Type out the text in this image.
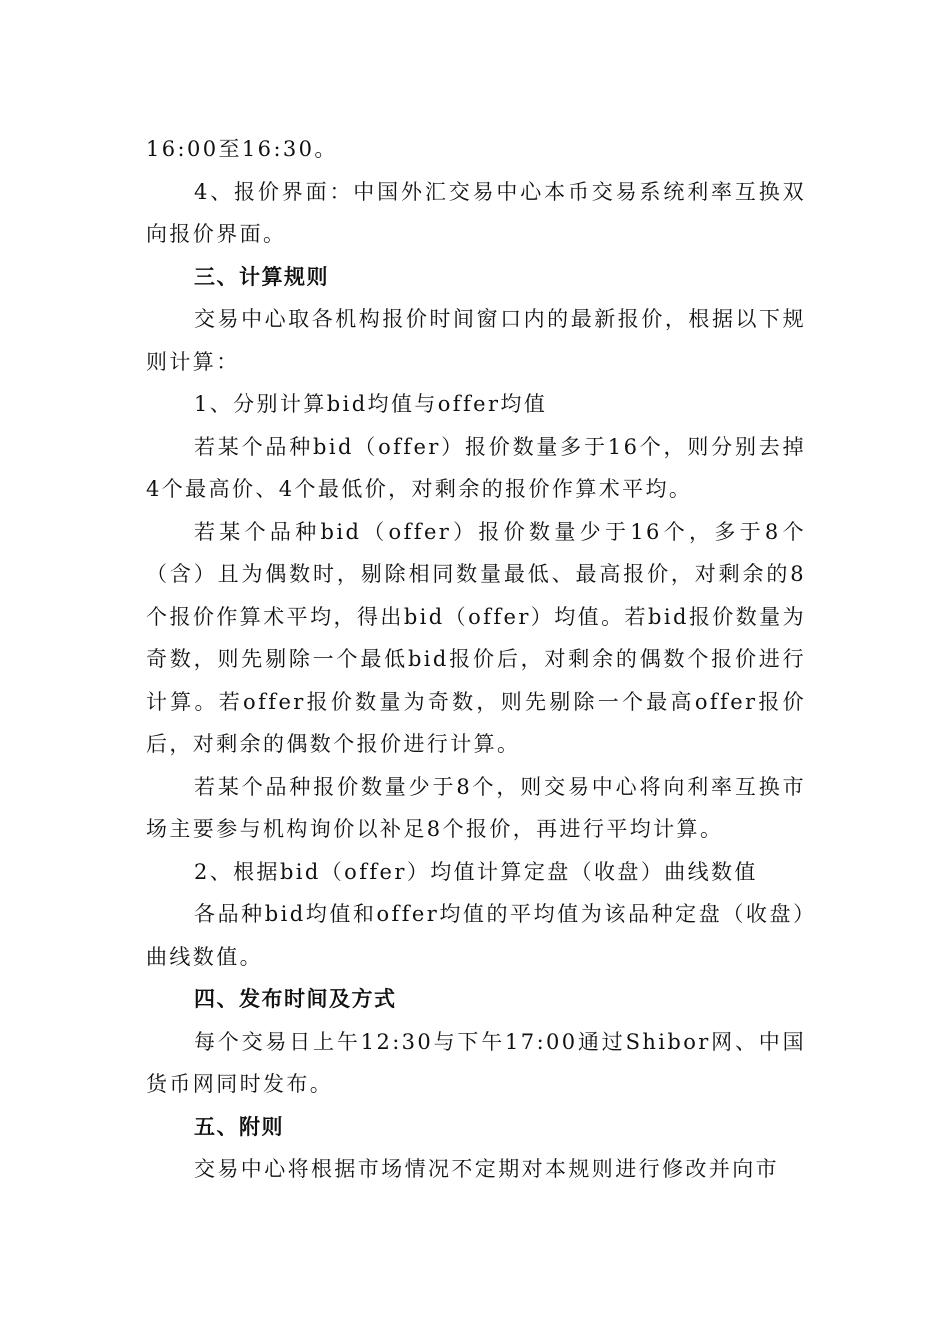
16:00至16:30。

4、报价界面：中国外汇交易中心本币交易系统利率互换双向报价界面。

三、计算规则

交易中心取各机构报价时间窗口内的最新报价，根据以下规则计算：

1、分别计算bid均值与offer均值

若某个品种bid（offer）报价数量多于16个，则分别去掉4个最高价、4个最低价，对剩余的报价作算术平均。

若某个品种bid（offer）报价数量少于16个，多于8个（含）且为偶数时，剔除相同数量最低、最高报价，对剩余的8个报价作算术平均，得出bid（offer）均值。若bid报价数量为奇数，则先剔除一个最低bid报价后，对剩余的偶数个报价进行计算。若offer报价数量为奇数，则先剔除一个最高offer报价后，对剩余的偶数个报价进行计算。

若某个品种报价数量少于8个，则交易中心将向利率互换市场主要参与机构询价以补足8个报价，再进行平均计算。

2、根据bid（offer）均值计算定盘（收盘）曲线数值

各品种bid均值和offer均值的平均值为该品种定盘（收盘）曲线数值。

四、发布时间及方式

每个交易日上午12:30与下午17:00通过Shibor网、中国货币网同时发布。

五、附则

交易中心将根据市场情况不定期对本规则进行修改并向市
